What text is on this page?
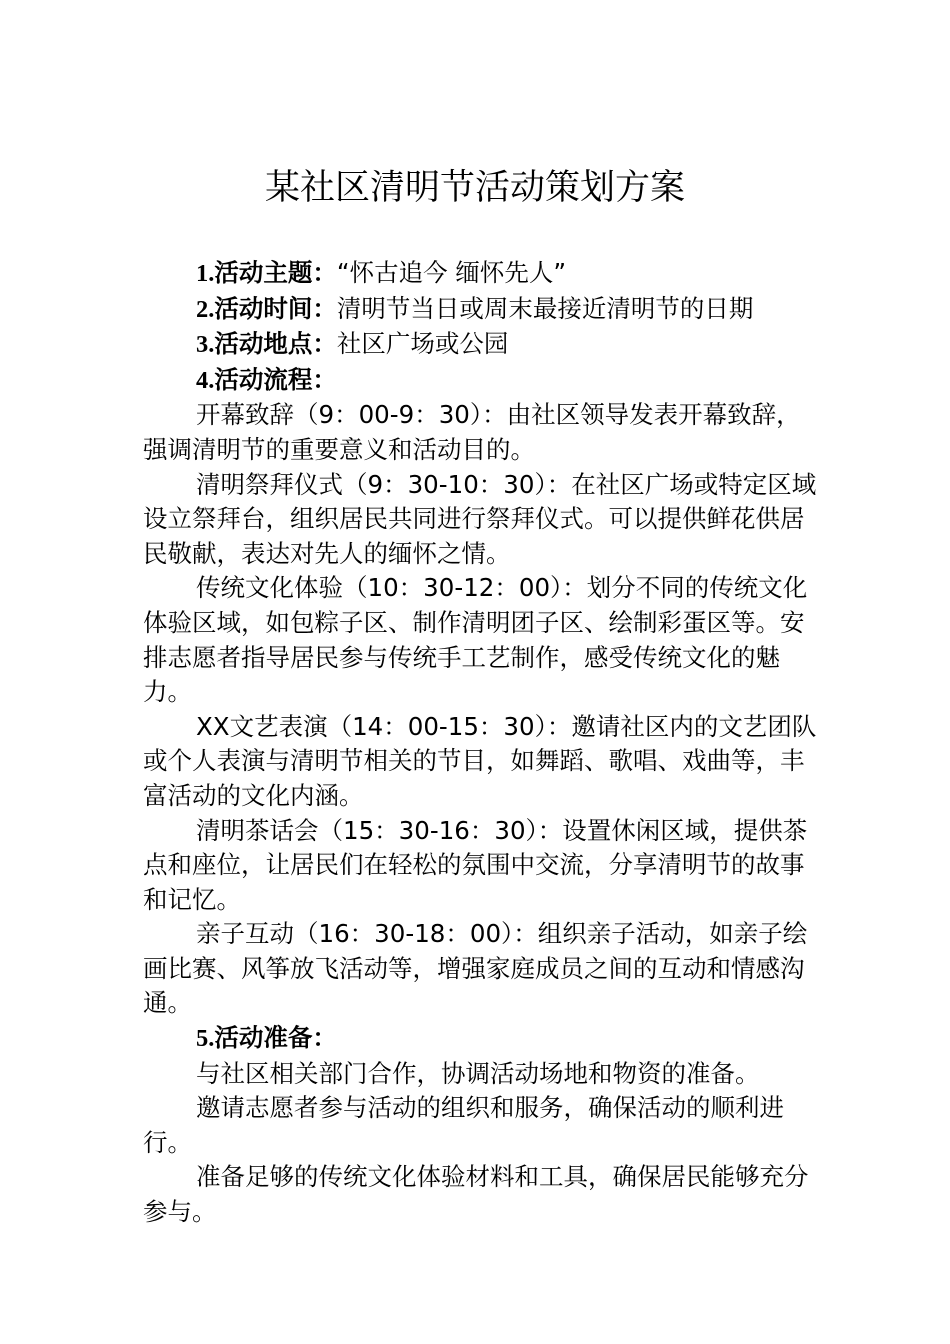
某社区清明节活动策划方案

1.活动主题：“怀古追今 缅怀先人”

2.活动时间：清明节当日或周末最接近清明节的日期

3.活动地点：社区广场或公园

4.活动流程：

开幕致辞（9：00-9：30）：由社区领导发表开幕致辞，强调清明节的重要意义和活动目的。

清明祭拜仪式（9：30-10：30）：在社区广场或特定区域设立祭拜台，组织居民共同进行祭拜仪式。可以提供鲜花供居民敬献，表达对先人的缅怀之情。

传统文化体验（10：30-12：00）：划分不同的传统文化体验区域，如包粽子区、制作清明团子区、绘制彩蛋区等。安排志愿者指导居民参与传统手工艺制作，感受传统文化的魅力。

XX文艺表演（14：00-15：30）：邀请社区内的文艺团队或个人表演与清明节相关的节目，如舞蹈、歌唱、戏曲等，丰富活动的文化内涵。

清明茶话会（15：30-16：30）：设置休闲区域，提供茶点和座位，让居民们在轻松的氛围中交流，分享清明节的故事和记忆。

亲子互动（16：30-18：00）：组织亲子活动，如亲子绘画比赛、风筝放飞活动等，增强家庭成员之间的互动和情感沟通。

5.活动准备：

与社区相关部门合作，协调活动场地和物资的准备。

邀请志愿者参与活动的组织和服务，确保活动的顺利进行。

准备足够的传统文化体验材料和工具，确保居民能够充分参与。
